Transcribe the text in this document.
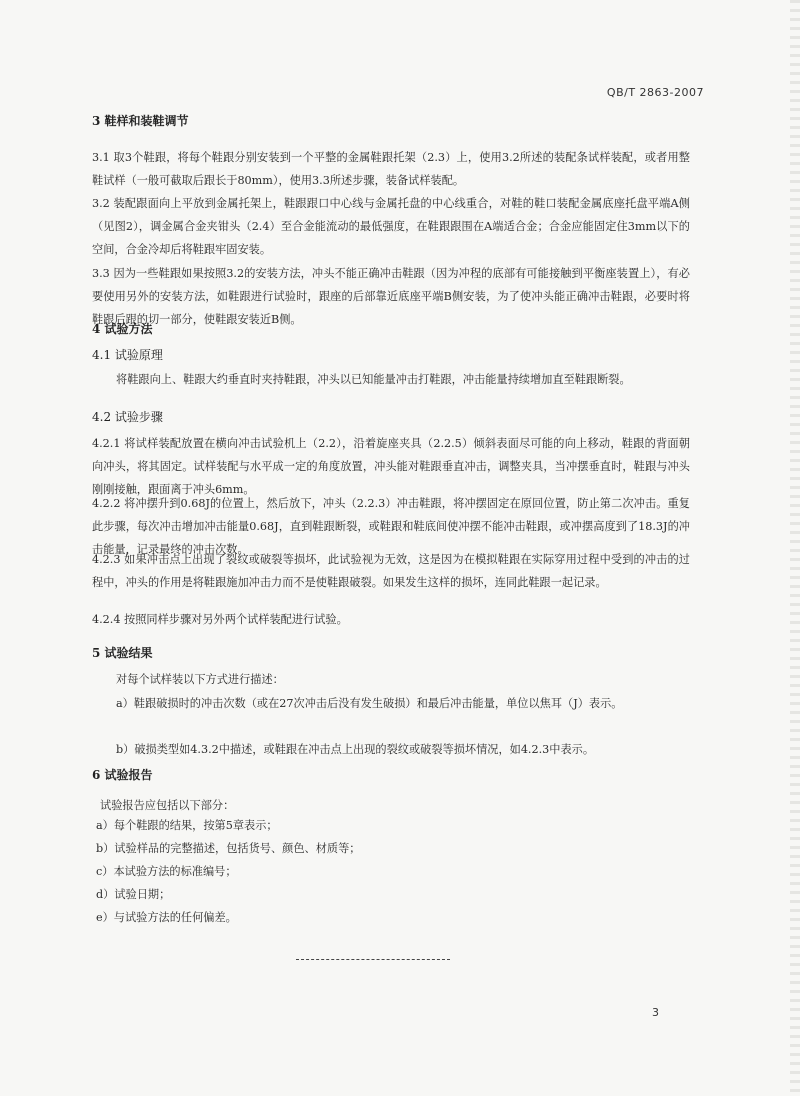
QB/T 2863-2007
3 鞋样和装鞋调节
3.1 取3个鞋跟，将每个鞋跟分别安装到一个平整的金属鞋跟托架（2.3）上，使用3.2所述的装配条试样装配，或者用整鞋试样（一般可截取后跟长于80mm），使用3.3所述步骤，装备试样装配。
3.2 装配跟面向上平放到金属托架上，鞋跟跟口中心线与金属托盘的中心线重合，对鞋的鞋口装配金属底座托盘平端A侧（见图2），调金属合金夹钳头（2.4）至合金能流动的最低强度，在鞋跟跟围在A端适合金；合金应能固定住3mm以下的空间，合金冷却后将鞋跟牢固安装。
3.3 因为一些鞋跟如果按照3.2的安装方法，冲头不能正确冲击鞋跟（因为冲程的底部有可能接触到平衡座装置上），有必要使用另外的安装方法，如鞋跟进行试验时，跟座的后部靠近底座平端B侧安装，为了使冲头能正确冲击鞋跟，必要时将鞋跟后跟的切一部分，使鞋跟安装近B侧。
4 试验方法
4.1 试验原理
将鞋跟向上、鞋跟大约垂直时夹持鞋跟，冲头以已知能量冲击打鞋跟，冲击能量持续增加直至鞋跟断裂。
4.2 试验步骤
4.2.1 将试样装配放置在横向冲击试验机上（2.2），沿着旋座夹具（2.2.5）倾斜表面尽可能的向上移动，鞋跟的背面朝向冲头，将其固定。试样装配与水平成一定的角度放置，冲头能对鞋跟垂直冲击，调整夹具，当冲摆垂直时，鞋跟与冲头刚刚接触，跟面离于冲头6mm。
4.2.2 将冲摆升到0.68J的位置上，然后放下，冲头（2.2.3）冲击鞋跟，将冲摆固定在原回位置，防止第二次冲击。重复此步骤，每次冲击增加冲击能量0.68J，直到鞋跟断裂，或鞋跟和鞋底间使冲摆不能冲击鞋跟，或冲摆高度到了18.3J的冲击能量，记录最终的冲击次数。
4.2.3 如果冲击点上出现了裂纹或破裂等损坏，此试验视为无效，这是因为在模拟鞋跟在实际穿用过程中受到的冲击的过程中，冲头的作用是将鞋跟施加冲击力而不是使鞋跟破裂。如果发生这样的损坏，连同此鞋跟一起记录。
4.2.4 按照同样步骤对另外两个试样装配进行试验。
5 试验结果
对每个试样装以下方式进行描述：
a）鞋跟破损时的冲击次数（或在27次冲击后没有发生破损）和最后冲击能量，单位以焦耳（J）表示。
b）破损类型如4.3.2中描述，或鞋跟在冲击点上出现的裂纹或破裂等损坏情况，如4.2.3中表示。
6 试验报告
试验报告应包括以下部分：
a）每个鞋跟的结果，按第5章表示；
b）试验样品的完整描述，包括货号、颜色、材质等；
c）本试验方法的标准编号；
d）试验日期；
e）与试验方法的任何偏差。
3
